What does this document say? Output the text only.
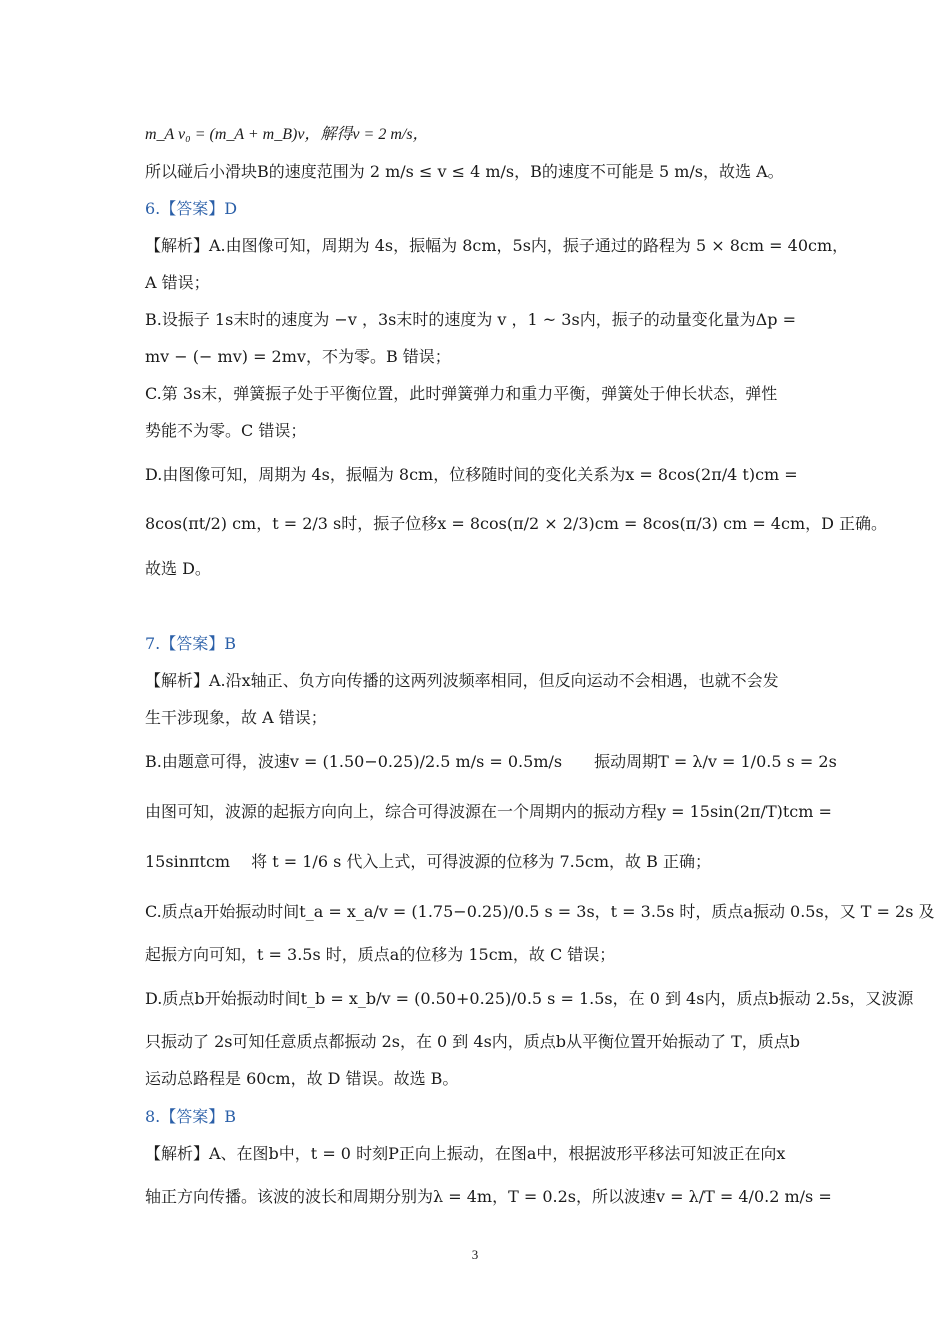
m_A v₀ = (m_A + m_B)v，解得v = 2 m/s，
所以碰后小滑块B的速度范围为 2 m/s ≤ v ≤ 4 m/s，B的速度不可能是 5 m/s，故选 A。
6.【答案】D
【解析】A.由图像可知，周期为 4s，振幅为 8cm，5s内，振子通过的路程为 5 × 8cm = 40cm，
A 错误；
B.设振子 1s末时的速度为 −v ，3s末时的速度为 v ，1 ~ 3s内，振子的动量变化量为Δp =
mv − (− mv) = 2mv，不为零。B 错误；
C.第 3s末，弹簧振子处于平衡位置，此时弹簧弹力和重力平衡，弹簧处于伸长状态，弹性
势能不为零。C 错误；
D.由图像可知，周期为 4s，振幅为 8cm，位移随时间的变化关系为x = 8cos(2π/4 t)cm =
8cos(πt/2) cm，t = 2/3 s时，振子位移x = 8cos(π/2 × 2/3)cm = 8cos(π/3) cm = 4cm，D 正确。
故选 D。
7.【答案】B
【解析】A.沿x轴正、负方向传播的这两列波频率相同，但反向运动不会相遇，也就不会发
生干涉现象，故 A 错误；
B.由题意可得，波速v = (1.50−0.25)/2.5 m/s = 0.5m/s　　振动周期T = λ/v = 1/0.5 s = 2s
由图可知，波源的起振方向向上，综合可得波源在一个周期内的振动方程y = 15sin(2π/T)tcm =
15sinπtcm　 将 t = 1/6 s 代入上式，可得波源的位移为 7.5cm，故 B 正确；
C.质点a开始振动时间t_a = x_a/v = (1.75−0.25)/0.5 s = 3s，t = 3.5s 时，质点a振动 0.5s，又 T = 2s 及
起振方向可知，t = 3.5s 时，质点a的位移为 15cm，故 C 错误；
D.质点b开始振动时间t_b = x_b/v = (0.50+0.25)/0.5 s = 1.5s，在 0 到 4s内，质点b振动 2.5s，又波源
只振动了 2s可知任意质点都振动 2s，在 0 到 4s内，质点b从平衡位置开始振动了 T，质点b
运动总路程是 60cm，故 D 错误。故选 B。
8.【答案】B
【解析】A、在图b中，t = 0 时刻P正向上振动，在图a中，根据波形平移法可知波正在向x
轴正方向传播。该波的波长和周期分别为λ = 4m，T = 0.2s，所以波速v = λ/T = 4/0.2 m/s =
3
